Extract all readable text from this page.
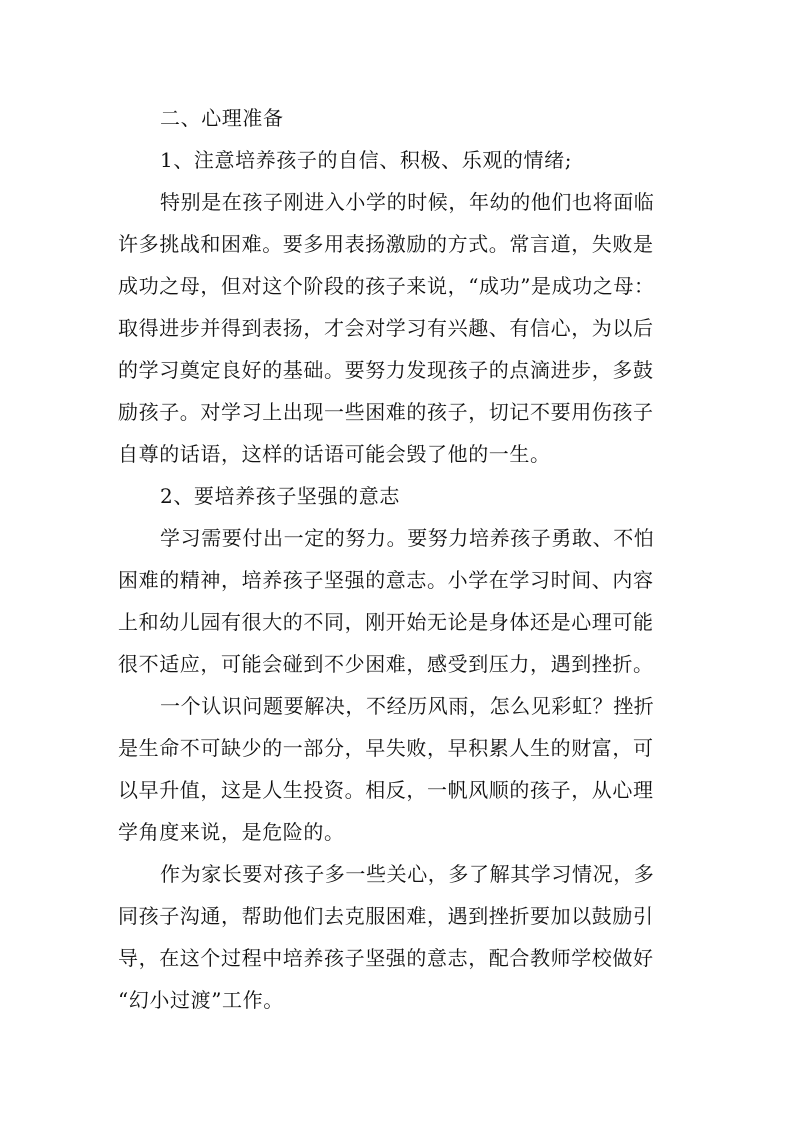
二、心理准备
1、注意培养孩子的自信、积极、乐观的情绪;
特别是在孩子刚进入小学的时候，年幼的他们也将面临
许多挑战和困难。要多用表扬激励的方式。常言道，失败是
成功之母，但对这个阶段的孩子来说，“成功”是成功之母：
取得进步并得到表扬，才会对学习有兴趣、有信心，为以后
的学习奠定良好的基础。要努力发现孩子的点滴进步，多鼓
励孩子。对学习上出现一些困难的孩子，切记不要用伤孩子
自尊的话语，这样的话语可能会毁了他的一生。
2、要培养孩子坚强的意志
学习需要付出一定的努力。要努力培养孩子勇敢、不怕
困难的精神，培养孩子坚强的意志。小学在学习时间、内容
上和幼儿园有很大的不同，刚开始无论是身体还是心理可能
很不适应，可能会碰到不少困难，感受到压力，遇到挫折。
一个认识问题要解决，不经历风雨，怎么见彩虹？挫折
是生命不可缺少的一部分，早失败，早积累人生的财富，可
以早升值，这是人生投资。相反，一帆风顺的孩子，从心理
学角度来说，是危险的。
作为家长要对孩子多一些关心，多了解其学习情况，多
同孩子沟通，帮助他们去克服困难，遇到挫折要加以鼓励引
导，在这个过程中培养孩子坚强的意志，配合教师学校做好
“幻小过渡”工作。
